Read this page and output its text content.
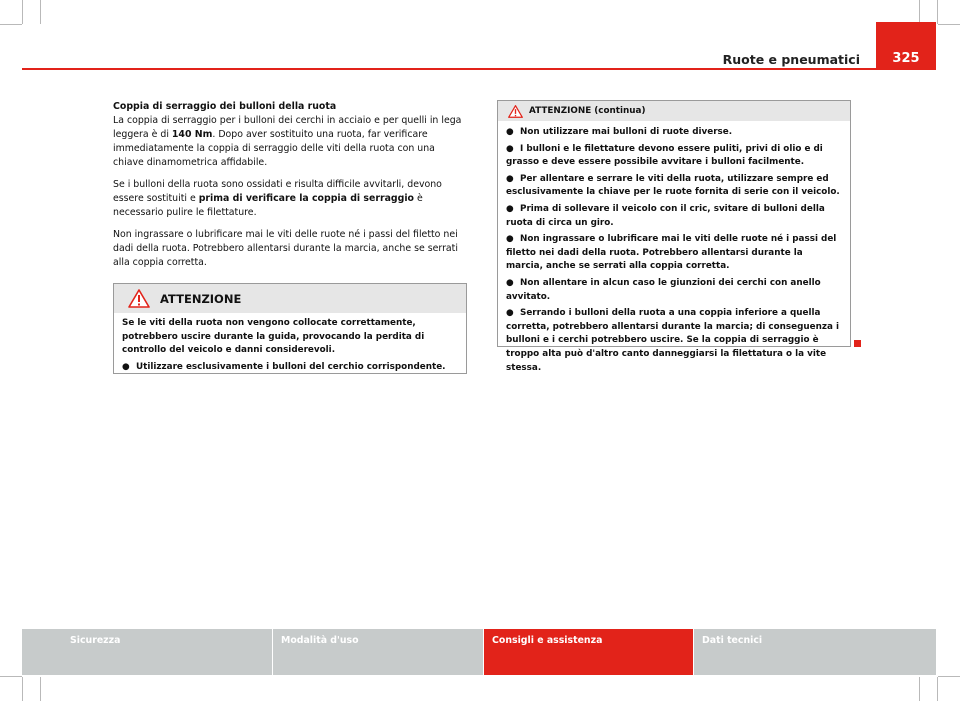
Ruote e pneumatici 325
Coppia di serraggio dei bulloni della ruota

La coppia di serraggio per i bulloni dei cerchi in acciaio e per quelli in lega leggera è di 140 Nm. Dopo aver sostituito una ruota, far verificare immediatamente la coppia di serraggio delle viti della ruota con una chiave dinamometrica affidabile.

Se i bulloni della ruota sono ossidati e risulta difficile avvitarli, devono essere sostituiti e prima di verificare la coppia di serraggio è necessario pulire le filettature.

Non ingrassare o lubrificare mai le viti delle ruote né i passi del filetto nei dadi della ruota. Potrebbero allentarsi durante la marcia, anche se serrati alla coppia corretta.

ATTENZIONE

Se le viti della ruota non vengono collocate correttamente, potrebbero uscire durante la guida, provocando la perdita di controllo del veicolo e danni considerevoli.

● Utilizzare esclusivamente i bulloni del cerchio corrispondente.
ATTENZIONE (continua)
● Non utilizzare mai bulloni di ruote diverse.
● I bulloni e le filettature devono essere puliti, privi di olio e di grasso e deve essere possibile avvitare i bulloni facilmente.
● Per allentare e serrare le viti della ruota, utilizzare sempre ed esclusivamente la chiave per le ruote fornita di serie con il veicolo.
● Prima di sollevare il veicolo con il cric, svitare di bulloni della ruota di circa un giro.
● Non ingrassare o lubrificare mai le viti delle ruote né i passi del filetto nei dadi della ruota. Potrebbero allentarsi durante la marcia, anche se serrati alla coppia corretta.
● Non allentare in alcun caso le giunzioni dei cerchi con anello avvitato.
● Serrando i bulloni della ruota a una coppia inferiore a quella corretta, potrebbero allentarsi durante la marcia; di conseguenza i bulloni e i cerchi potrebbero uscire. Se la coppia di serraggio è troppo alta può d'altro canto danneggiarsi la filettatura o la vite stessa.
Sicurezza	Modalità d'uso	Consigli e assistenza	Dati tecnici
